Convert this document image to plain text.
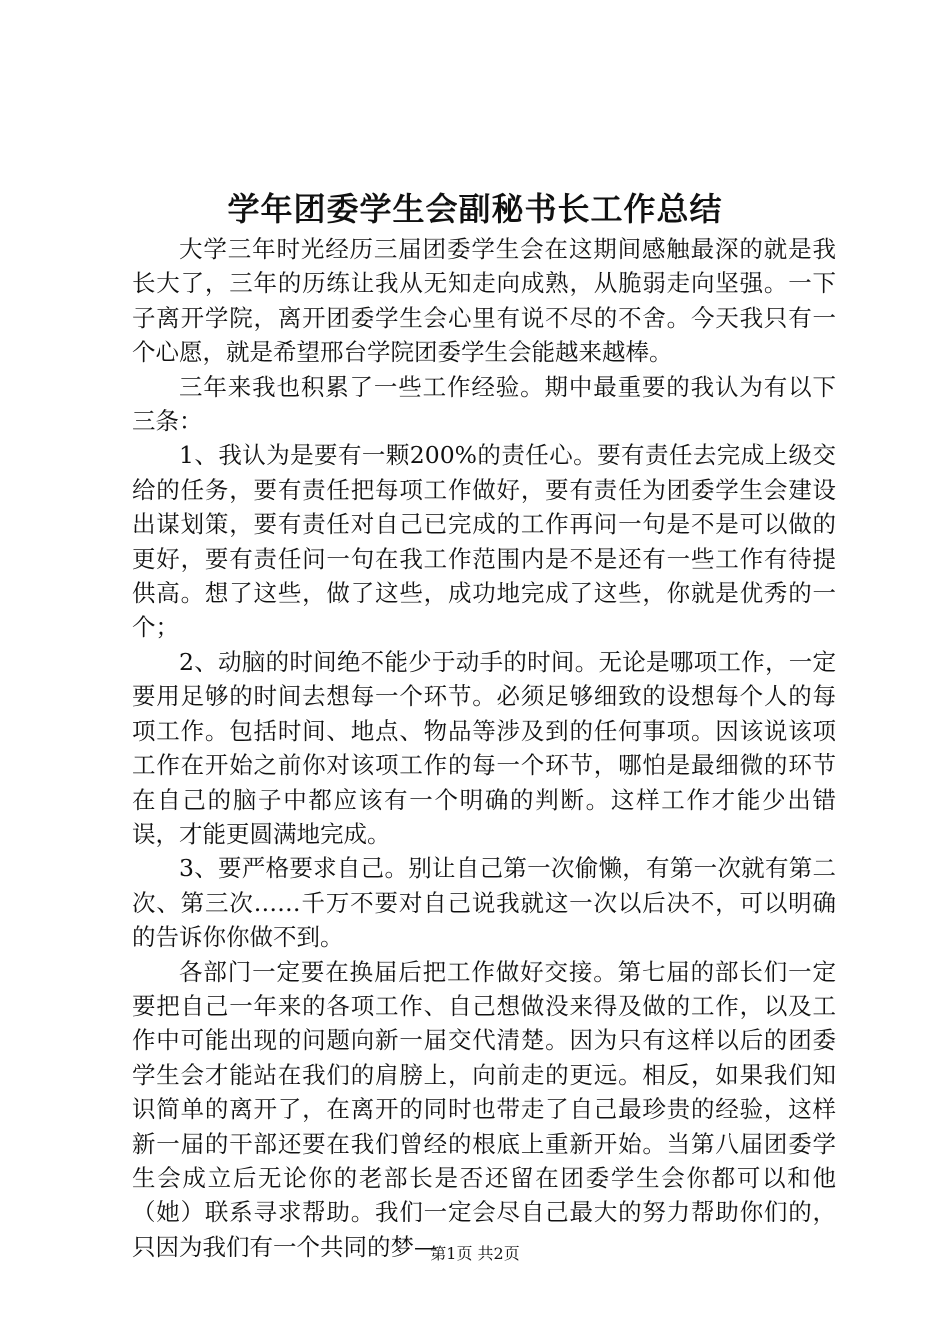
学年团委学生会副秘书长工作总结

大学三年时光经历三届团委学生会在这期间感触最深的就是我长大了，三年的历练让我从无知走向成熟，从脆弱走向坚强。一下子离开学院，离开团委学生会心里有说不尽的不舍。今天我只有一个心愿，就是希望邢台学院团委学生会能越来越棒。

三年来我也积累了一些工作经验。期中最重要的我认为有以下三条：

1、我认为是要有一颗200%的责任心。要有责任去完成上级交给的任务，要有责任把每项工作做好，要有责任为团委学生会建设出谋划策，要有责任对自己已完成的工作再问一句是不是可以做的更好，要有责任问一句在我工作范围内是不是还有一些工作有待提供高。想了这些，做了这些，成功地完成了这些，你就是优秀的一个；

2、动脑的时间绝不能少于动手的时间。无论是哪项工作，一定要用足够的时间去想每一个环节。必须足够细致的设想每个人的每项工作。包括时间、地点、物品等涉及到的任何事项。因该说该项工作在开始之前你对该项工作的每一个环节，哪怕是最细微的环节在自己的脑子中都应该有一个明确的判断。这样工作才能少出错误，才能更圆满地完成。

3、要严格要求自己。别让自己第一次偷懒，有第一次就有第二次、第三次……千万不要对自己说我就这一次以后决不，可以明确的告诉你你做不到。

各部门一定要在换届后把工作做好交接。第七届的部长们一定要把自己一年来的各项工作、自己想做没来得及做的工作，以及工作中可能出现的问题向新一届交代清楚。因为只有这样以后的团委学生会才能站在我们的肩膀上，向前走的更远。相反，如果我们知识简单的离开了，在离开的同时也带走了自己最珍贵的经验，这样新一届的干部还要在我们曾经的根底上重新开始。当第八届团委学生会成立后无论你的老部长是否还留在团委学生会你都可以和他（她）联系寻求帮助。我们一定会尽自己最大的努力帮助你们的，只因为我们有一个共同的梦—

第1页 共2页
